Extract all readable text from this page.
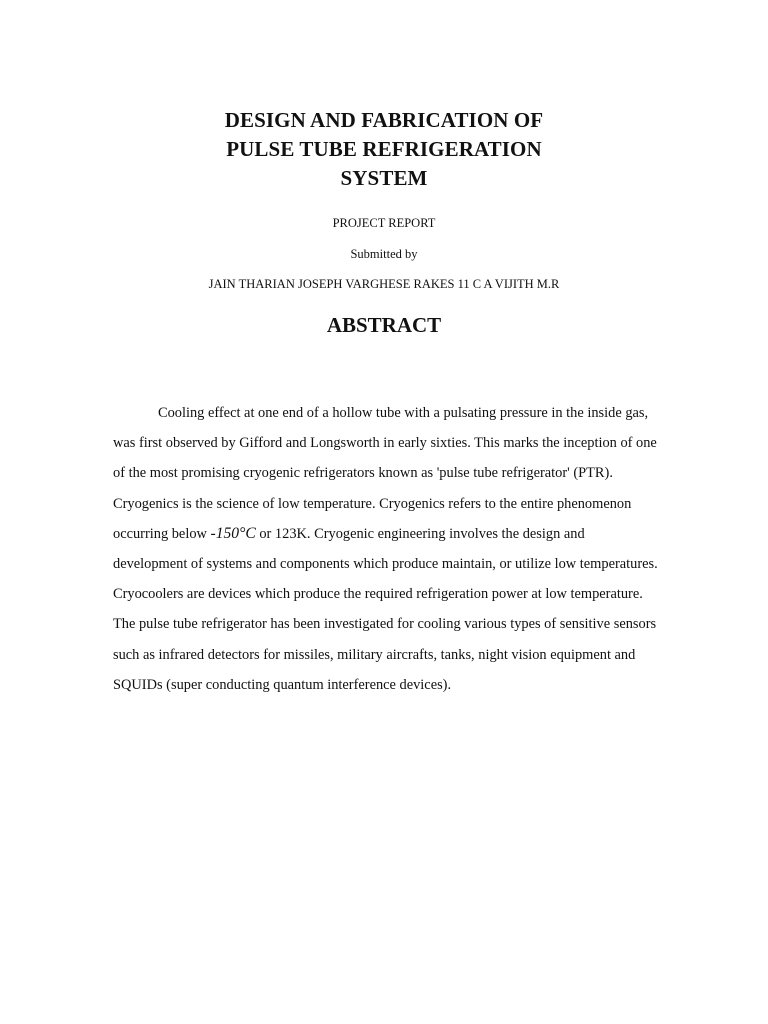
DESIGN AND FABRICATION OF
PULSE TUBE REFRIGERATION
SYSTEM
PROJECT REPORT
Submitted by
JAIN THARIAN JOSEPH VARGHESE RAKES 11 C A VIJITH M.R
ABSTRACT

Cooling effect at one end of a hollow tube with a pulsating pressure in the inside gas, was first observed by Gifford and Longsworth in early sixties. This marks the inception of one of the most promising cryogenic refrigerators known as 'pulse tube refrigerator' (PTR). Cryogenics is the science of low temperature. Cryogenics refers to the entire phenomenon occurring below -150°C or 123K. Cryogenic engineering involves the design and development of systems and components which produce maintain, or utilize low temperatures. Cryocoolers are devices which produce the required refrigeration power at low temperature. The pulse tube refrigerator has been investigated for cooling various types of sensitive sensors such as infrared detectors for missiles, military aircrafts, tanks, night vision equipment and SQUIDs (super conducting quantum interference devices).
